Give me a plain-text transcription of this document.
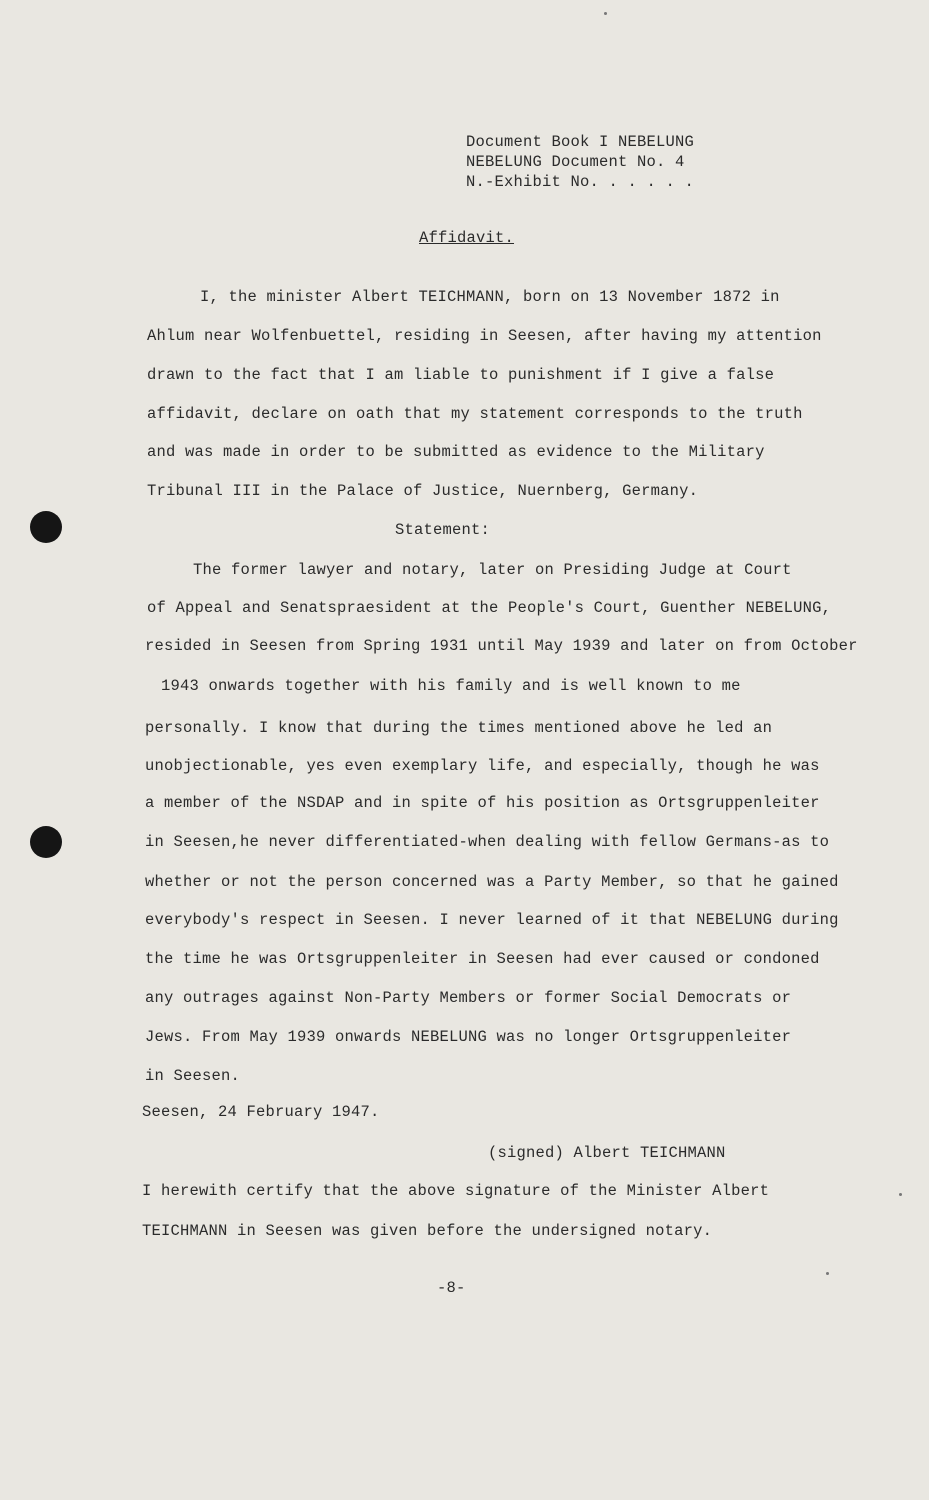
Document Book I NEBELUNG
NEBELUNG Document No. 4
N.-Exhibit No. . . . . .
Affidavit.
I, the minister Albert TEICHMANN, born on 13 November 1872 in
Ahlum near Wolfenbuettel, residing in Seesen, after having my attention
drawn to the fact that I am liable to punishment if I give a false
affidavit, declare on oath that my statement corresponds to the truth
and was made in order to be submitted as evidence to the Military
Tribunal III in the Palace of Justice, Nuernberg, Germany.
Statement:
The former lawyer and notary, later on Presiding Judge at Court
of Appeal and Senatspraesident at the People's Court, Guenther NEBELUNG,
resided in Seesen from Spring 1931 until May 1939 and later on from October
1943 onwards together with his family and is well known to me
personally. I know that during the times mentioned above he led an
unobjectionable, yes even exemplary life, and especially, though he was
a member of the NSDAP and in spite of his position as Ortsgruppenleiter
in Seesen,he never differentiated-when dealing with fellow Germans-as to
whether or not the person concerned was a Party Member, so that he gained
everybody's respect in Seesen. I never learned of it that NEBELUNG during
the time he was Ortsgruppenleiter in Seesen had ever caused or condoned
any outrages against Non-Party Members or former Social Democrats or
Jews. From May 1939 onwards NEBELUNG was no longer Ortsgruppenleiter
in Seesen.
Seesen, 24 February 1947.
(signed) Albert TEICHMANN
I herewith certify that the above signature of the Minister Albert
TEICHMANN in Seesen was given before the undersigned notary.
-8-
